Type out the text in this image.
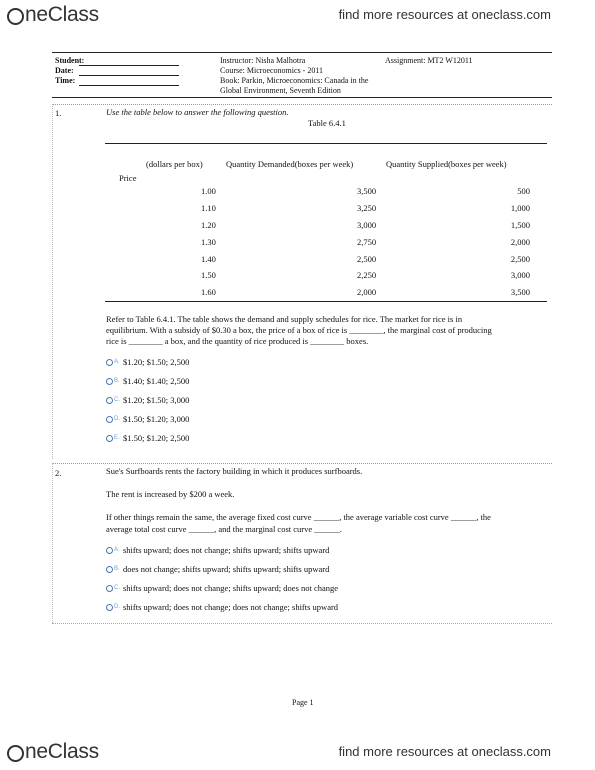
neClass	find more resources at oneclass.com
Student:
Date:
Time:
Instructor: Nisha Malhotra
Course: Microeconomics - 2011
Book: Parkin, Microeconomics: Canada in the
Global Environment, Seventh Edition
Assignment: MT2 W12011
1.	Use the table below to answer the following question.
Table 6.4.1
(dollars per box)
Price
Quantity Demanded(boxes per week)	Quantity Supplied(boxes per week)
1.00	3,500	500
1.10	3,250	1,000
1.20	3,000	1,500
1.30	2,750	2,000
1.40	2,500	2,500
1.50	2,250	3,000
1.60	2,000	3,500
Refer to Table 6.4.1. The table shows the demand and supply schedules for rice. The market for rice is in
equilibrium. With a subsidy of $0.30 a box, the price of a box of rice is ________, the marginal cost of producing
rice is ________ a box, and the quantity of rice produced is ________ boxes.
A. $1.20; $1.50; 2,500
B. $1.40; $1.40; 2,500
C. $1.20; $1.50; 3,000
D. $1.50; $1.20; 3,000
E. $1.50; $1.20; 2,500
2.	Sue's Surfboards rents the factory building in which it produces surfboards.
The rent is increased by $200 a week.
If other things remain the same, the average fixed cost curve ______, the average variable cost curve ______, the
average total cost curve ______, and the marginal cost curve ______.
A. shifts upward; does not change; shifts upward; shifts upward
B. does not change; shifts upward; shifts upward; shifts upward
C. shifts upward; does not change; shifts upward; does not change
D. shifts upward; does not change; does not change; shifts upward
Page 1
neClass	find more resources at oneclass.com
